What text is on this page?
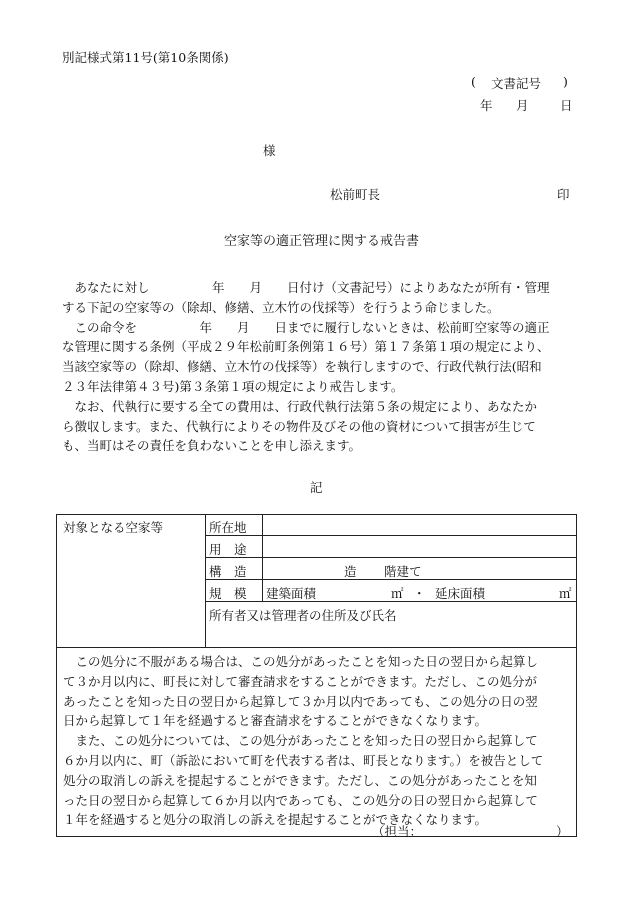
別記様式第11号(第10条関係)
( 文書記号 )
年 月	日
様
松前町長	印
空家等の適正管理に関する戒告書
　あなたに対し　　　　　年　　月　　日付け（文書記号）によりあなたが所有・管理
する下記の空家等の（除却、修繕、立木竹の伐採等）を行うよう命じました。
　この命令を　　　　　年　　月　　日までに履行しないときは、松前町空家等の適正
な管理に関する条例（平成２９年松前町条例第１６号）第１７条第１項の規定により、
当該空家等の（除却、修繕、立木竹の伐採等）を執行しますので、行政代執行法(昭和
２３年法律第４３号)第３条第１項の規定により戒告します。
　なお、代執行に要する全ての費用は、行政代執行法第５条の規定により、あなたか
ら徴収します。また、代執行によりその物件及びその他の資材について損害が生じて
も、当町はその責任を負わないことを申し添えます。
記
対象となる空家等	所在地
用　途
構　造	造 階建て
規　模 建築面積	㎡ ・ 延床面積	㎡
所有者又は管理者の住所及び氏名
　この処分に不服がある場合は、この処分があったことを知った日の翌日から起算し
て３か月以内に、町長に対して審査請求をすることができます。ただし、この処分が
あったことを知った日の翌日から起算して３か月以内であっても、この処分の日の翌
日から起算して１年を経過すると審査請求をすることができなくなります。
　また、この処分については、この処分があったことを知った日の翌日から起算して
６か月以内に、町（訴訟において町を代表する者は、町長となります。）を被告として
処分の取消しの訴えを提起することができます。ただし、この処分があったことを知
った日の翌日から起算して６か月以内であっても、この処分の日の翌日から起算して
１年を経過すると処分の取消しの訴えを提起することができなくなります。
（担当：	）
